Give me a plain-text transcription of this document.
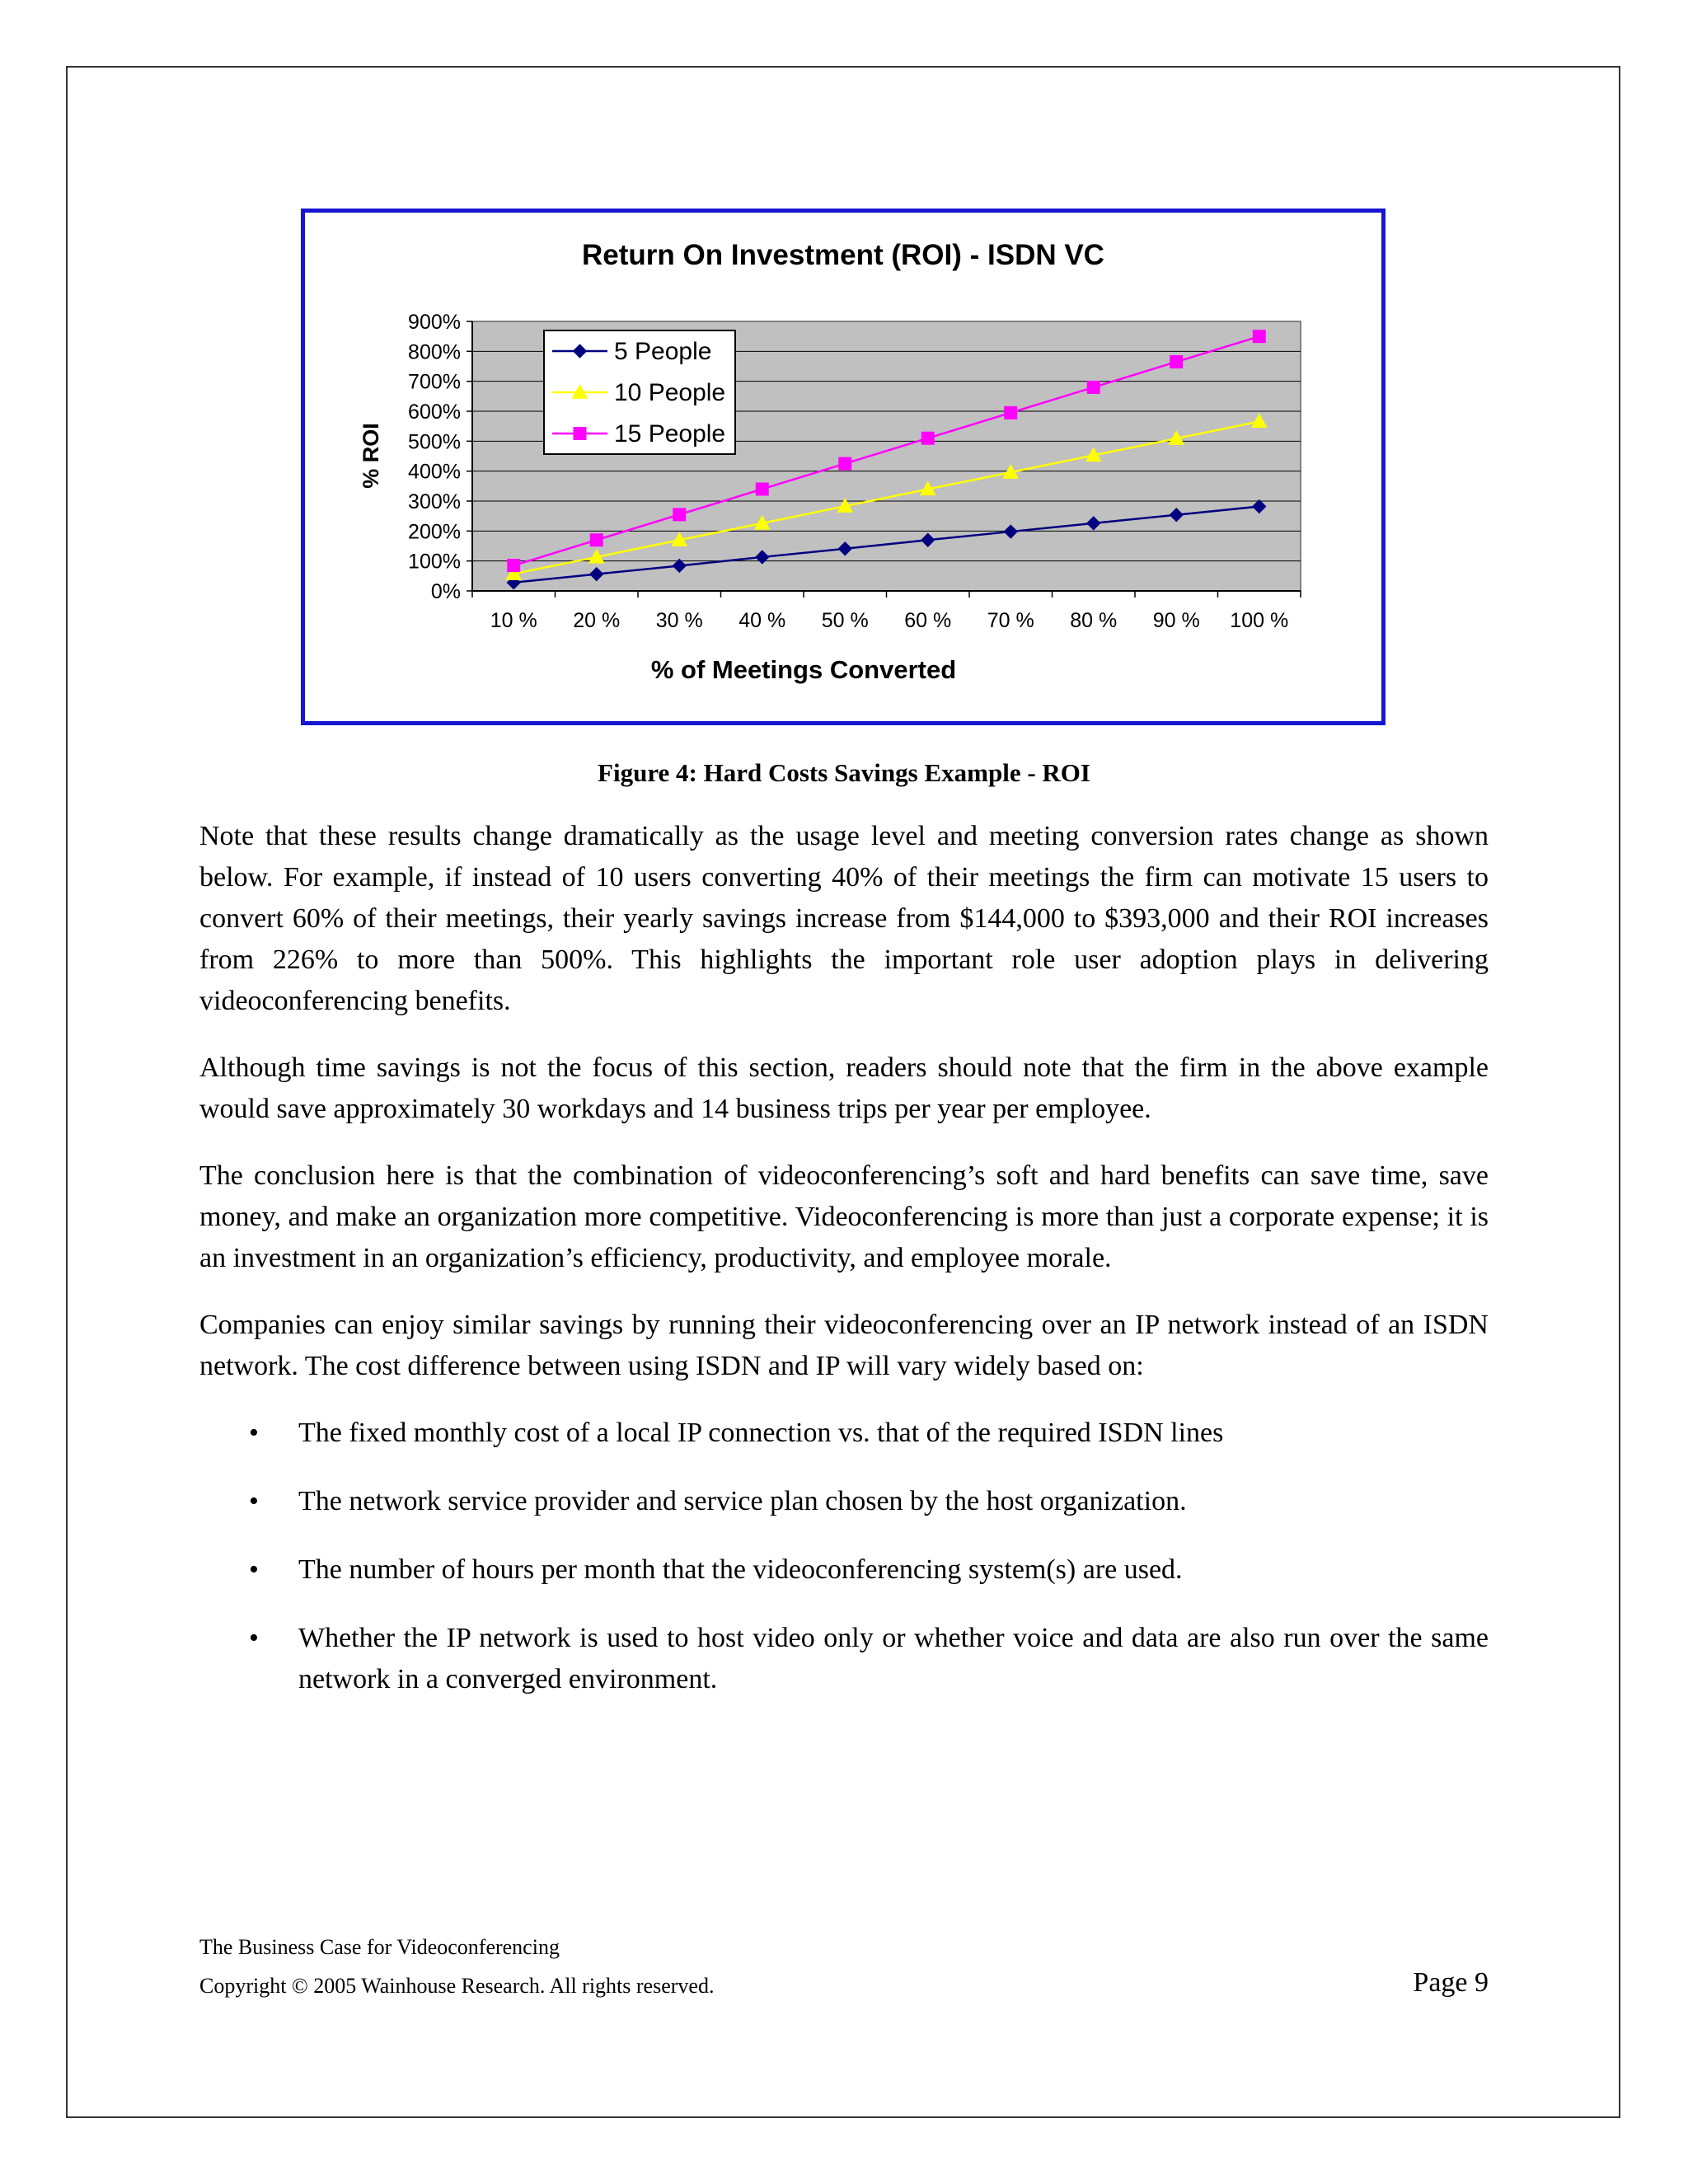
Return On Investment (ROI) - ISDN VC
0%
100%
200%
300%
400%
500%
600%
700%
800%
900%
10 % 20 % 30 % 40 % 50 % 60 % 70 % 80 % 90 % 100 %
% ROI
% of Meetings Converted
5 People
10 People
15 People
Figure 4: Hard Costs Savings Example - ROI

Note that these results change dramatically as the usage level and meeting conversion rates change as shown below. For example, if instead of 10 users converting 40% of their meetings the firm can motivate 15 users to convert 60% of their meetings, their yearly savings increase from $144,000 to $393,000 and their ROI increases from 226% to more than 500%. This highlights the important role user adoption plays in delivering videoconferencing benefits.

Although time savings is not the focus of this section, readers should note that the firm in the above example would save approximately 30 workdays and 14 business trips per year per employee.

The conclusion here is that the combination of videoconferencing’s soft and hard benefits can save time, save money, and make an organization more competitive. Videoconferencing is more than just a corporate expense; it is an investment in an organization’s efficiency, productivity, and employee morale.

Companies can enjoy similar savings by running their videoconferencing over an IP network instead of an ISDN network. The cost difference between using ISDN and IP will vary widely based on:

• The fixed monthly cost of a local IP connection vs. that of the required ISDN lines
• The network service provider and service plan chosen by the host organization.
• The number of hours per month that the videoconferencing system(s) are used.
• Whether the IP network is used to host video only or whether voice and data are also run over the same network in a converged environment.
The Business Case for Videoconferencing
Copyright © 2005 Wainhouse Research. All rights reserved.	Page 9
